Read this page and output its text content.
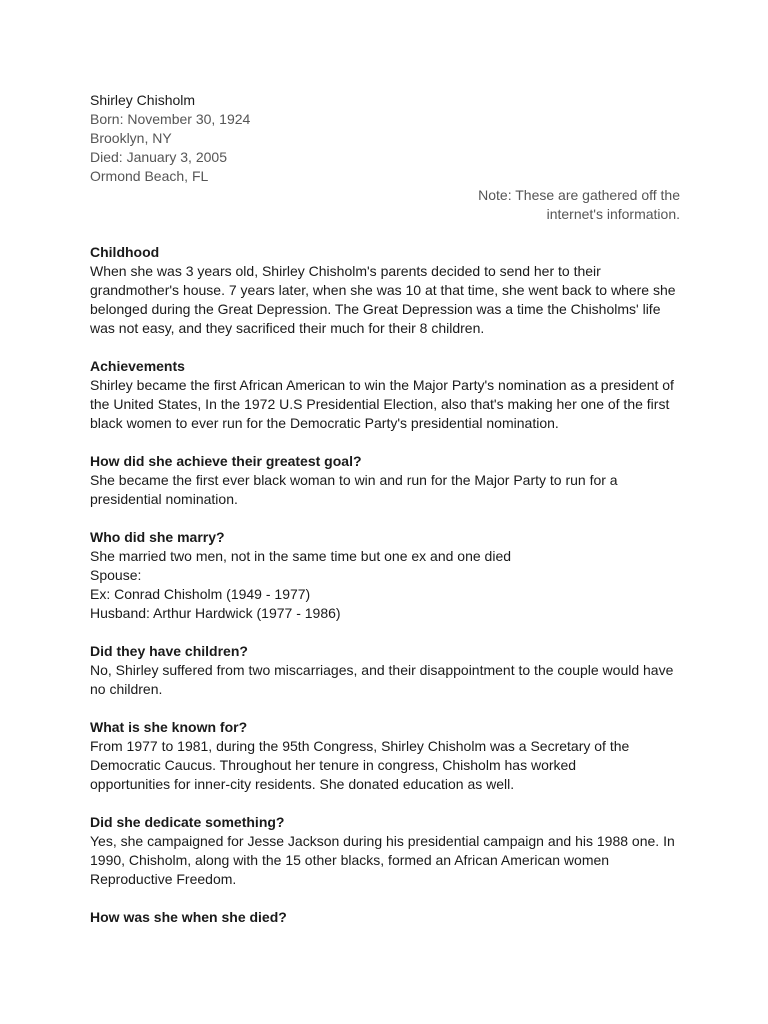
Shirley Chisholm
Born: November 30, 1924
Brooklyn, NY
Died: January 3, 2005
Ormond Beach, FL
Note: These are gathered off the
internet's information.
Childhood
When she was 3 years old, Shirley Chisholm's parents decided to send her to their
grandmother's house. 7 years later, when she was 10 at that time, she went back to where she
belonged during the Great Depression. The Great Depression was a time the Chisholms' life
was not easy, and they sacrificed their much for their 8 children.
Achievements
Shirley became the first African American to win the Major Party's nomination as a president of
the United States, In the 1972 U.S Presidential Election, also that's making her one of the first
black women to ever run for the Democratic Party's presidential nomination.
How did she achieve their greatest goal?
She became the first ever black woman to win and run for the Major Party to run for a
presidential nomination.
Who did she marry?
She married two men, not in the same time but one ex and one died
Spouse:
Ex: Conrad Chisholm (1949 - 1977)
Husband: Arthur Hardwick (1977 - 1986)
Did they have children?
No, Shirley suffered from two miscarriages, and their disappointment to the couple would have
no children.
What is she known for?
From 1977 to 1981, during the 95th Congress, Shirley Chisholm was a Secretary of the
Democratic Caucus. Throughout her tenure in congress, Chisholm has worked
opportunities for inner-city residents. She donated education as well.
Did she dedicate something?
Yes, she campaigned for Jesse Jackson during his presidential campaign and his 1988 one. In
1990, Chisholm, along with the 15 other blacks, formed an African American women
Reproductive Freedom.
How was she when she died?
